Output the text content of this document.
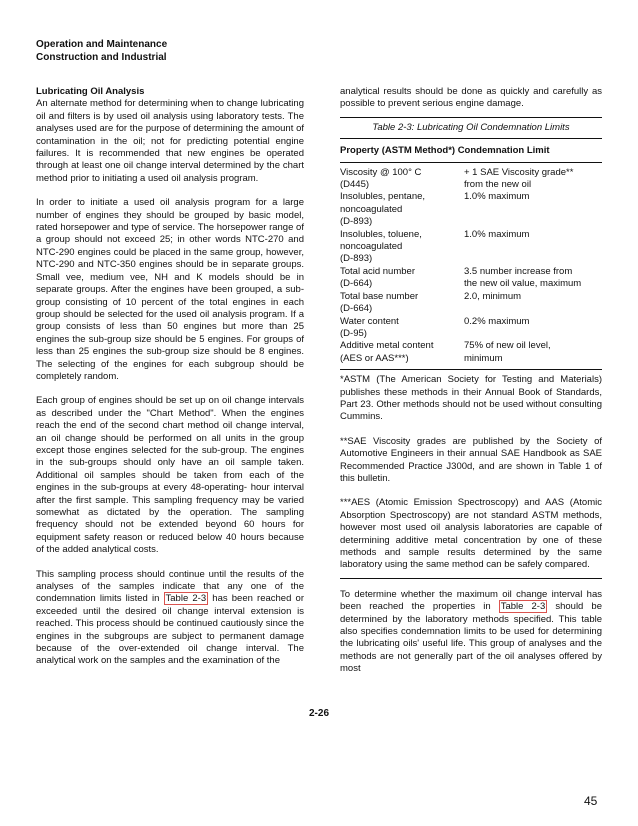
Operation and Maintenance
Construction and Industrial

Lubricating Oil Analysis

An alternate method for determining when to change lubricating oil and filters is by used oil analysis using laboratory tests. The analyses used are for the purpose of determining the amount of contamination in the oil; not for predicting potential engine failures. It is recommended that new engines be operated through at least one oil change interval determined by the chart method prior to initiating a used oil analysis program.

In order to initiate a used oil analysis program for a large number of engines they should be grouped by basic model, rated horsepower and type of service. The horsepower range of a group should not exceed 25; in other words NTC-270 and NTC-290 engines could be placed in the same group, however, NTC-290 and NTC-350 engines should be in separate groups. Small vee, medium vee, NH and K models should be in separate groups. After the engines have been grouped, a sub-group consisting of 10 percent of the total engines in each group should be selected for the used oil analysis program. If a group consists of less than 50 engines but more than 25 engines the sub-group size should be 5 engines. For groups of less than 25 engines the sub-group size should be 8 engines. The selecting of the engines for each subgroup should be completely random.

Each group of engines should be set up on oil change intervals as described under the "Chart Method". When the engines reach the end of the second chart method oil change interval, an oil change should be performed on all units in the group except those engines selected for the sub-group. The engines in the sub-groups should only have an oil sample taken. Additional oil samples should be taken from each of the engines in the sub-groups at every 48-operating- hour interval after the first sample. This sampling frequency may be varied somewhat as dictated by the operation. The sampling frequency should not be extended beyond 60 hours for equipment safety reason or reduced below 40 hours because of the added analytical costs.

This sampling process should continue until the results of the analyses of the samples indicate that any one of the condemnation limits listed in Table 2-3 has been reached or exceeded until the desired oil change interval extension is reached. This process should be continued cautiously since the engines in the subgroups are subject to permanent damage because of the over-extended oil change interval. The analytical work on the samples and the examination of the

analytical results should be done as quickly and carefully as possible to prevent serious engine damage.

Table 2-3: Lubricating Oil Condemnation Limits
Property (ASTM Method*) Condemnation Limit
Viscosity @ 100° C
(D445)	+ 1 SAE Viscosity grade**
from the new oil
Insolubles, pentane,
noncoagulated
(D-893)	1.0% maximum
Insolubles, toluene,
noncoagulated
(D-893)	1.0% maximum
Total acid number
(D-664)	3.5 number increase from
the new oil value, maximum
Total base number
(D-664)	2.0, minimum
Water content
(D-95)	0.2% maximum
Additive metal content
(AES or AAS***)	75% of new oil level,
minimum

*ASTM (The American Society for Testing and Materials) publishes these methods in their Annual Book of Standards, Part 23. Other methods should not be used without consulting Cummins.

**SAE Viscosity grades are published by the Society of Automotive Engineers in their annual SAE Handbook as SAE Recommended Practice J300d, and are shown in Table 1 of this bulletin.

***AES (Atomic Emission Spectroscopy) and AAS (Atomic Absorption Spectroscopy) are not standard ASTM methods, however most used oil analysis laboratories are capable of determining additive metal concentration by one of these methods and sample results determined by the same laboratory using the same method can be safely compared.

To determine whether the maximum oil change interval has been reached the properties in Table 2-3 should be determined by the laboratory methods specified. This table also specifies condemnation limits to be used for determining the lubricating oils' useful life. This group of analyses and the methods are not generally part of the oil analyses offered by most

2-26
45
